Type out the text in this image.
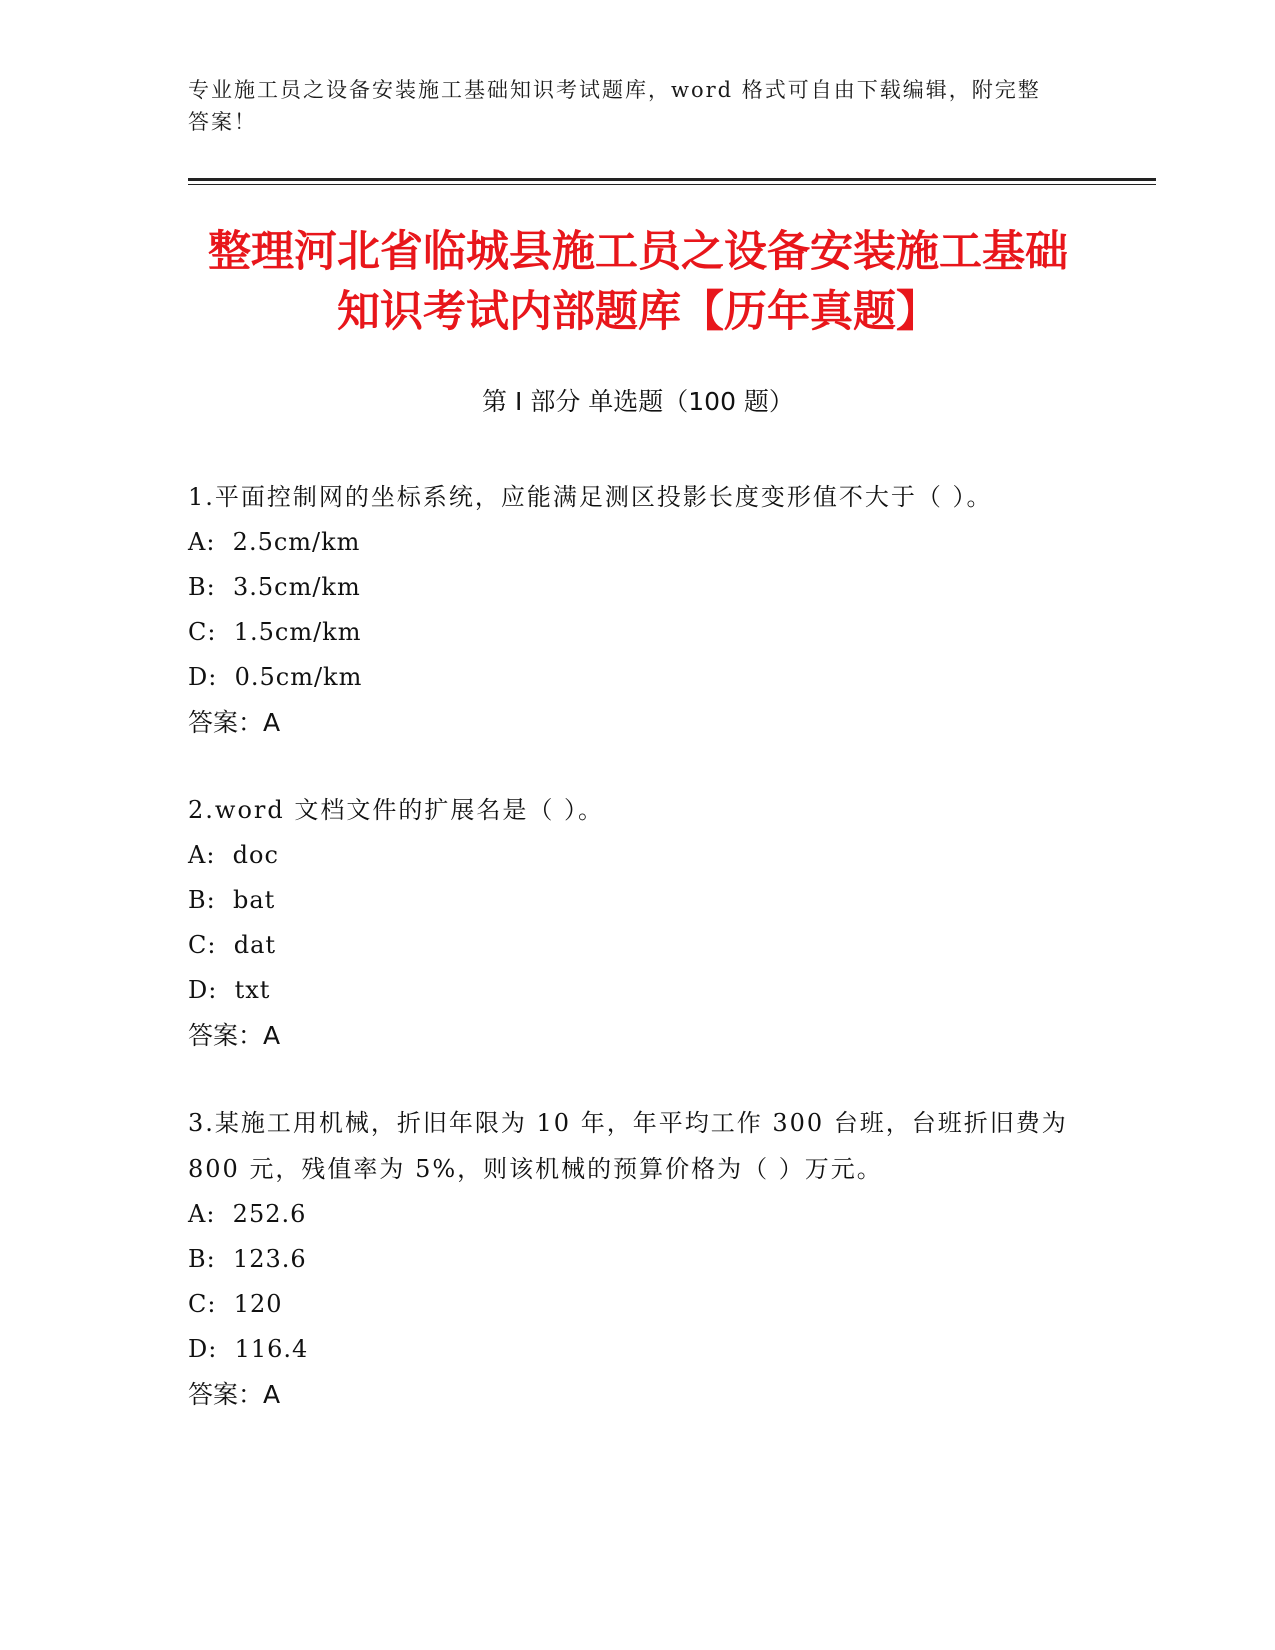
专业施工员之设备安装施工基础知识考试题库，word 格式可自由下载编辑，附完整答案！
整理河北省临城县施工员之设备安装施工基础知识考试内部题库【历年真题】
第 I 部分 单选题（100 题）
1.平面控制网的坐标系统，应能满足测区投影长度变形值不大于（ ）。
A:  2.5cm/km
B:  3.5cm/km
C:  1.5cm/km
D:  0.5cm/km
答案：A
2.word 文档文件的扩展名是（ ）。
A:  doc
B:  bat
C:  dat
D:  txt
答案：A
3.某施工用机械，折旧年限为 10 年，年平均工作 300 台班，台班折旧费为 800 元，残值率为 5%，则该机械的预算价格为（ ）万元。
A:  252.6
B:  123.6
C:  120
D:  116.4
答案：A
